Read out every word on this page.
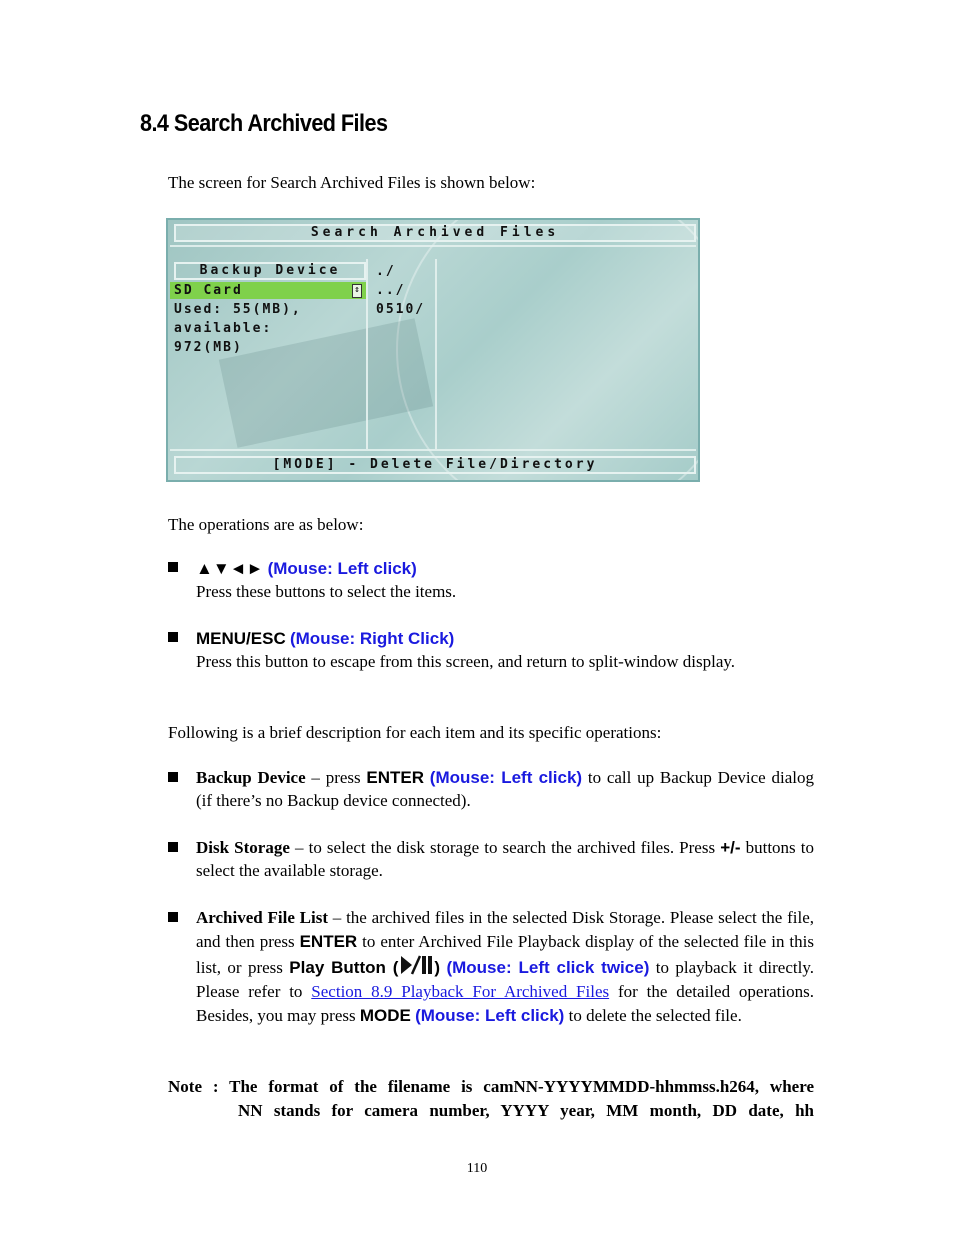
8.4 Search Archived Files
The screen for Search Archived Files is shown below:
Search Archived Files
Backup Device
SD Card	⇕
Used: 55(MB),
available:
972(MB)
./
../
0510/
[MODE] - Delete File/Directory
The operations are as below:
▲▼◄► (Mouse: Left click)
Press these buttons to select the items.
MENU/ESC (Mouse: Right Click)
Press this button to escape from this screen, and return to split-window display.
Following is a brief description for each item and its specific operations:
Backup Device – press ENTER (Mouse: Left click) to call up Backup Device dialog (if there’s no Backup device connected).
Disk Storage – to select the disk storage to search the archived files. Press +/- buttons to select the available storage.
Archived File List – the archived files in the selected Disk Storage. Please select the file, and then press ENTER to enter Archived File Playback display of the selected file in this list, or press Play Button ( ) (Mouse: Left click twice) to playback it directly. Please refer to Section 8.9 Playback For Archived Files for the detailed operations. Besides, you may press MODE (Mouse: Left click) to delete the selected file.
Note : The format of the filename is camNN-YYYYMMDD-hhmmss.h264, where
NN stands for camera number, YYYY year, MM month, DD date, hh
110
